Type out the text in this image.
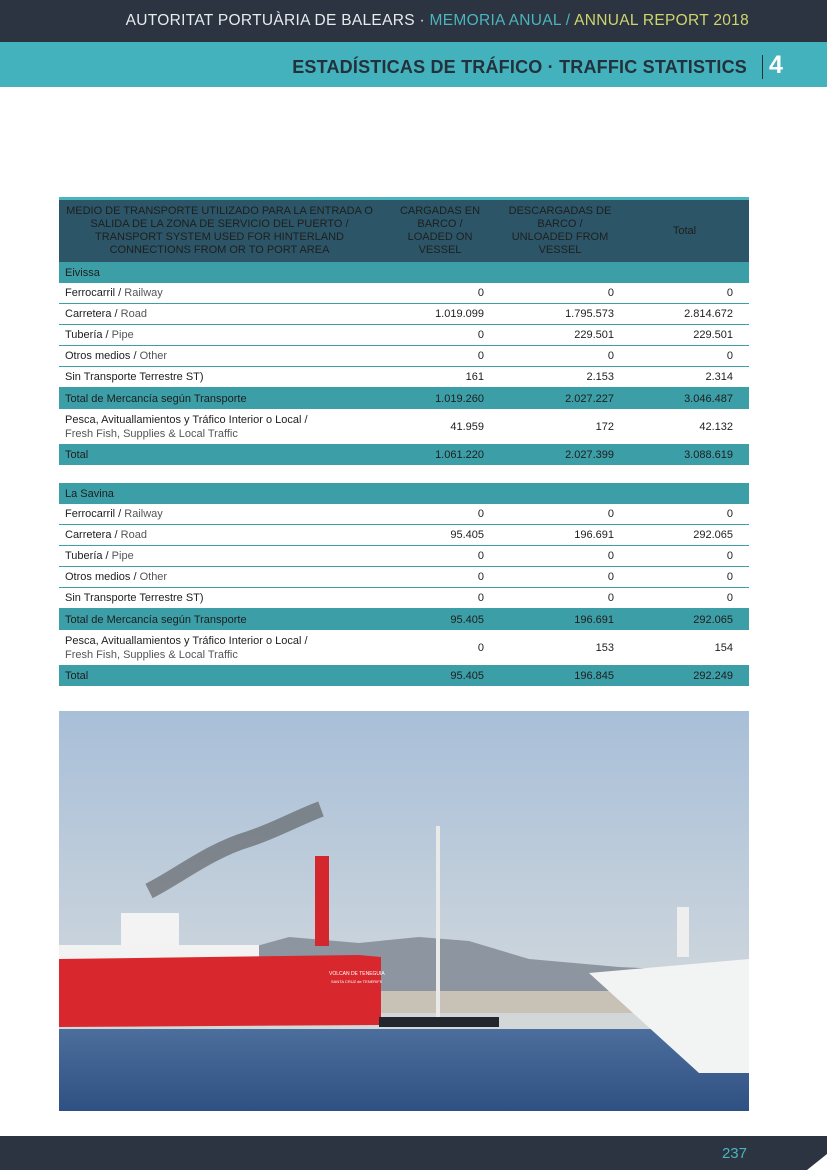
AUTORITAT PORTUÀRIA DE BALEARS · MEMORIA ANUAL / ANNUAL REPORT 2018
ESTADÍSTICAS DE TRÁFICO · TRAFFIC STATISTICS 4
MEDIO DE TRANSPORTE UTILIZADO PARA LA ENTRADA O SALIDA DE LA ZONA DE SERVICIO DEL PUERTO / TRANSPORT SYSTEM USED FOR HINTERLAND CONNECTIONS FROM OR TO PORT AREA	CARGADAS EN BARCO / LOADED ON VESSEL	DESCARGADAS DE BARCO / UNLOADED FROM VESSEL	Total
Eivissa			
Ferrocarril / Railway	0	0	0
Carretera / Road	1.019.099	1.795.573	2.814.672
Tubería / Pipe	0	229.501	229.501
Otros medios / Other	0	0	0
Sin Transporte Terrestre ST)	161	2.153	2.314
Total de Mercancía según Transporte	1.019.260	2.027.227	3.046.487

Pesca, Avituallamientos y Tráfico Interior o Local /
Fresh Fish, Supplies & Local Traffic	41.959	172	42.132
Total	1.061.220	2.027.399	3.088.619

La Savina			
Ferrocarril / Railway	0	0	0
Carretera / Road	95.405	196.691	292.065
Tubería / Pipe	0	0	0
Otros medios / Other	0	0	0
Sin Transporte Terrestre ST)	0	0	0
Total de Mercancía según Transporte	95.405	196.691	292.065

Pesca, Avituallamientos y Tráfico Interior o Local /
Fresh Fish, Supplies & Local Traffic	0	153	154
Total	95.405	196.845	292.249
VOLCAN DE TENEGUIA
SANTA CRUZ de TENERIFE
237
